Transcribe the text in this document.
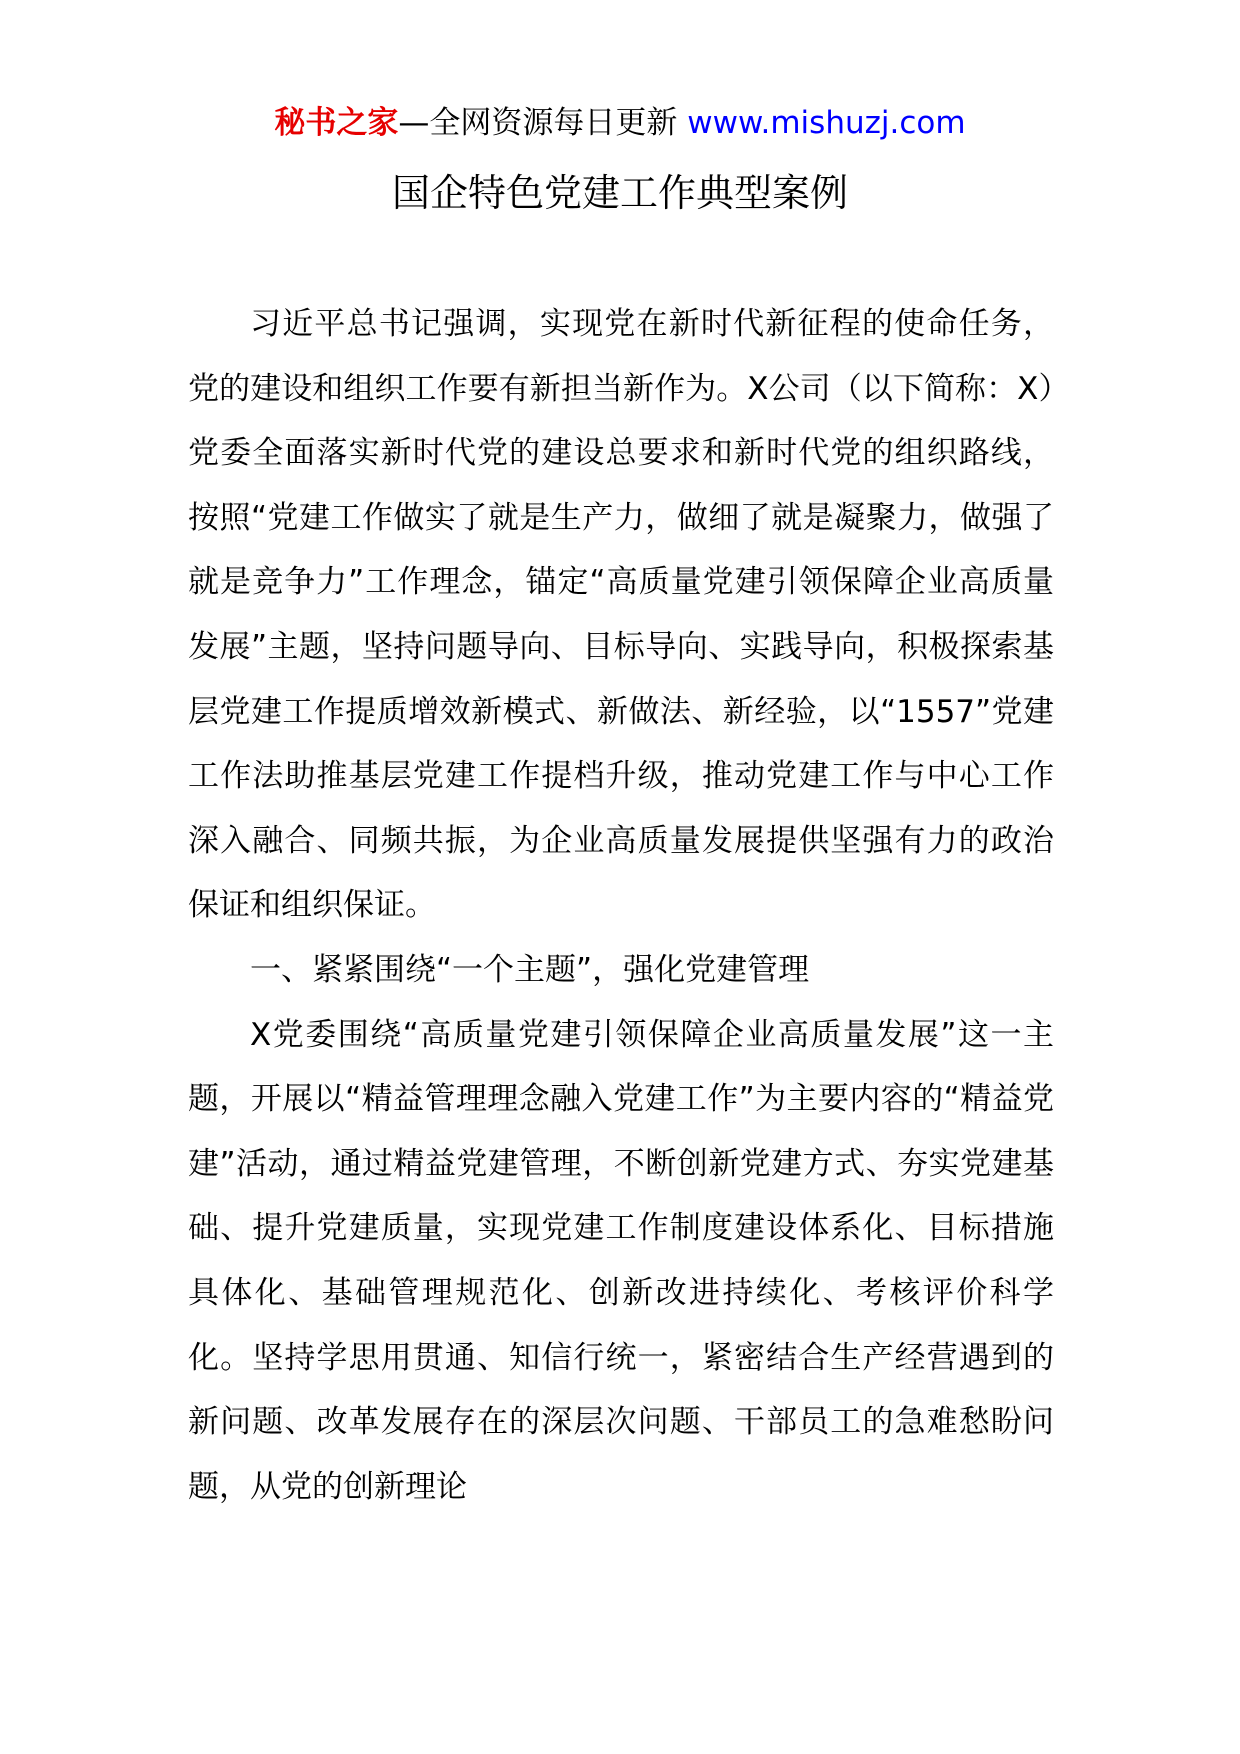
秘书之家—全网资源每日更新 www.mishuzj.com
国企特色党建工作典型案例

习近平总书记强调，实现党在新时代新征程的使命任务，党的建设和组织工作要有新担当新作为。X公司（以下简称：X）党委全面落实新时代党的建设总要求和新时代党的组织路线，按照“党建工作做实了就是生产力，做细了就是凝聚力，做强了就是竞争力”工作理念，锚定“高质量党建引领保障企业高质量发展”主题，坚持问题导向、目标导向、实践导向，积极探索基层党建工作提质增效新模式、新做法、新经验，以“1557”党建工作法助推基层党建工作提档升级，推动党建工作与中心工作深入融合、同频共振，为企业高质量发展提供坚强有力的政治保证和组织保证。

一、紧紧围绕“一个主题”，强化党建管理

X党委围绕“高质量党建引领保障企业高质量发展”这一主题，开展以“精益管理理念融入党建工作”为主要内容的“精益党建”活动，通过精益党建管理，不断创新党建方式、夯实党建基础、提升党建质量，实现党建工作制度建设体系化、目标措施具体化、基础管理规范化、创新改进持续化、考核评价科学化。坚持学思用贯通、知信行统一，紧密结合生产经营遇到的新问题、改革发展存在的深层次问题、干部员工的急难愁盼问题，从党的创新理论
